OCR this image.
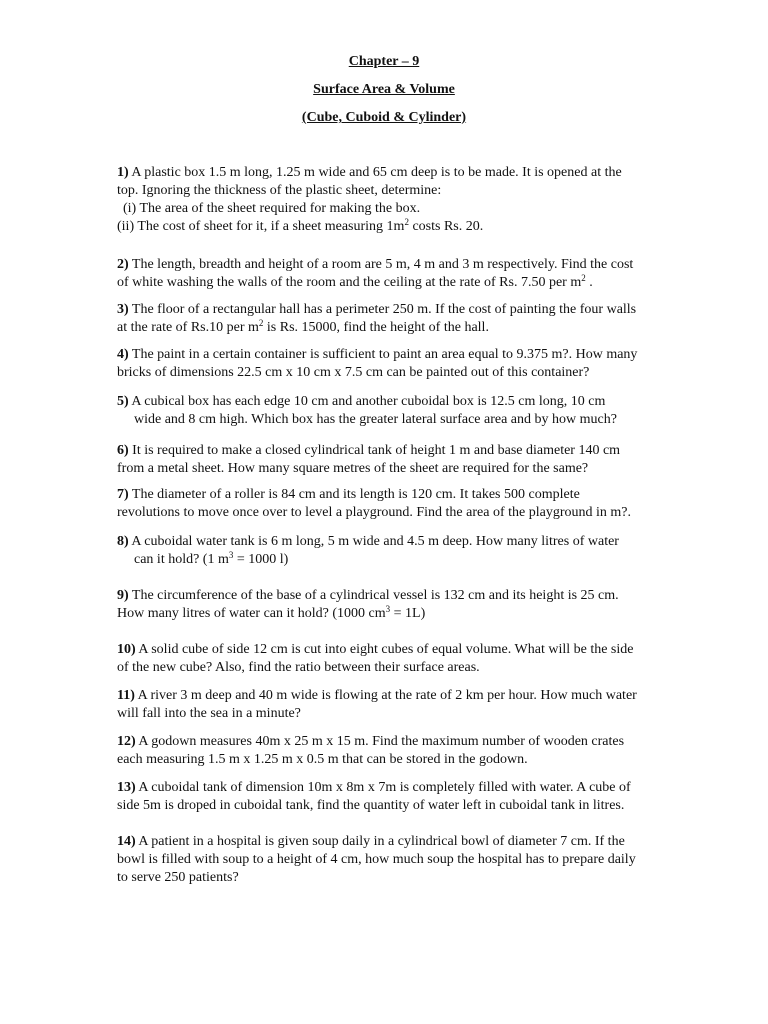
Chapter – 9
Surface Area & Volume
(Cube, Cuboid & Cylinder)

1) A plastic box 1.5 m long, 1.25 m wide and 65 cm deep is to be made. It is opened at the

top. Ignoring the thickness of the plastic sheet, determine:

(i) The area of the sheet required for making the box.

(ii) The cost of sheet for it, if a sheet measuring $1m^2$ costs Rs. 20.

2) The length, breadth and height of a room are 5 m, 4 m and 3 m respectively. Find the cost

of white washing the walls of the room and the ceiling at the rate of Rs. 7.50 per $m^2$ .

3) The floor of a rectangular hall has a perimeter 250 m. If the cost of painting the four walls

at the rate of Rs.10 per $m^2$ is Rs. 15000, find the height of the hall.

4) The paint in a certain container is sufficient to paint an area equal to 9.375 m?. How many

bricks of dimensions 22.5 cm x 10 cm x 7.5 cm can be painted out of this container?

5) A cubical box has each edge 10 cm and another cuboidal box is 12.5 cm long, 10 cm

wide and 8 cm high. Which box has the greater lateral surface area and by how much?

6) It is required to make a closed cylindrical tank of height 1 m and base diameter 140 cm

from a metal sheet. How many square metres of the sheet are required for the same?

7) The diameter of a roller is 84 cm and its length is 120 cm. It takes 500 complete

revolutions to move once over to level a playground. Find the area of the playground in m?.

8) A cuboidal water tank is 6 m long, 5 m wide and 4.5 m deep. How many litres of water

can it hold? (1 $m^3 = 1000$ l)

9) The circumference of the base of a cylindrical vessel is 132 cm and its height is 25 cm.

How many litres of water can it hold? (1000 $cm^3 = 1L$)

10) A solid cube of side 12 cm is cut into eight cubes of equal volume. What will be the side

of the new cube? Also, find the ratio between their surface areas.

11) A river 3 m deep and 40 m wide is flowing at the rate of 2 km per hour. How much water

will fall into the sea in a minute?

12) A godown measures 40m x 25 m x 15 m. Find the maximum number of wooden crates

each measuring 1.5 m x 1.25 m x 0.5 m that can be stored in the godown.

13) A cuboidal tank of dimension 10m x 8m x 7m is completely filled with water. A cube of

side 5m is droped in cuboidal tank, find the quantity of water left in cuboidal tank in litres.

14) A patient in a hospital is given soup daily in a cylindrical bowl of diameter 7 cm. If the

bowl is filled with soup to a height of 4 cm, how much soup the hospital has to prepare daily

to serve 250 patients?
